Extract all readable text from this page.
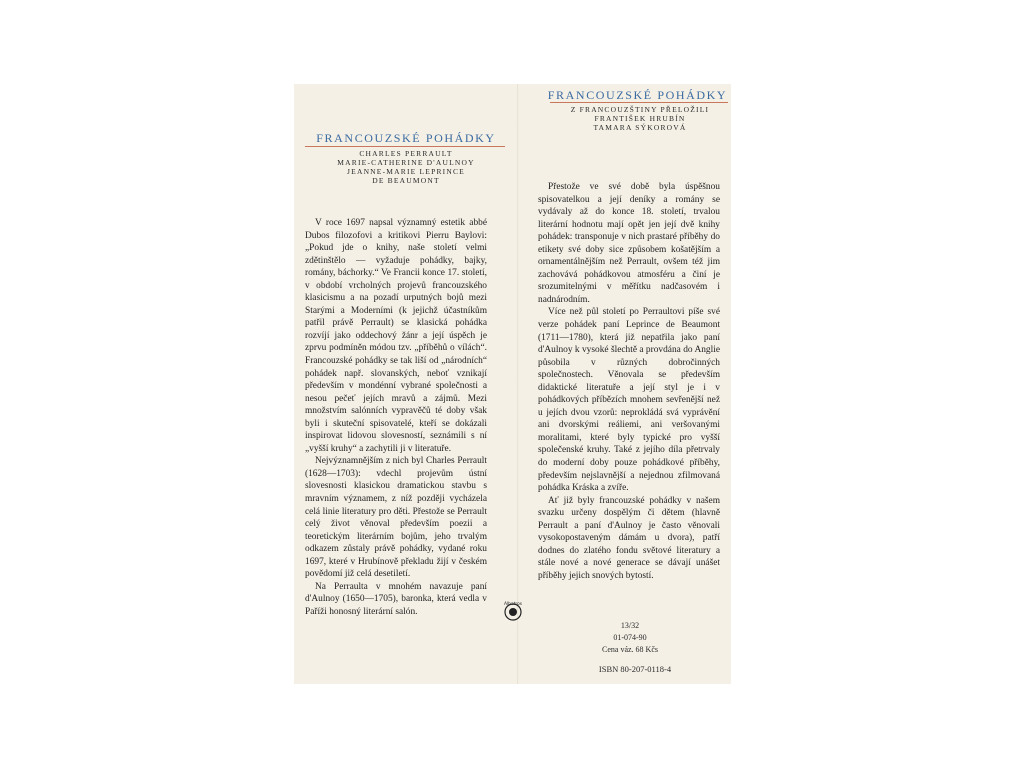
FRANCOUZSKÉ POHÁDKY
CHARLES PERRAULT
MARIE-CATHERINE D'AULNOY
JEANNE-MARIE LEPRINCE
DE BEAUMONT

V roce 1697 napsal významný estetik abbé Dubos filozofovi a kritikovi Pierru Baylovi: „Pokud jde o knihy, naše století velmi zdětinštělo — vyžaduje pohádky, bajky, romány, báchorky.“ Ve Francii konce 17. století, v období vrcholných projevů francouzského klasicismu a na pozadí urputných bojů mezi Starými a Moderními (k jejichž účastníkům patřil právě Perrault) se klasická pohádka rozvíjí jako oddechový žánr a její úspěch je zprvu podmíněn módou tzv. „příběhů o vílách“. Francouzské pohádky se tak liší od „národních“ pohádek např. slovanských, neboť vznikají především v mondénní vybrané společnosti a nesou pečeť jejích mravů a zájmů. Mezi množstvím salónních vypravěčů té doby však byli i skuteční spisovatelé, kteří se dokázali inspirovat lidovou slovesností, seznámili s ní „vyšší kruhy“ a zachytili ji v literatuře.

Nejvýznamnějším z nich byl Charles Perrault (1628—1703): vdechl projevům ústní slovesnosti klasickou dramatickou stavbu s mravním významem, z níž později vycházela celá linie literatury pro děti. Přestože se Perrault celý život věnoval především poezii a teoretickým literárním bojům, jeho trvalým odkazem zůstaly právě pohádky, vydané roku 1697, které v Hrubínově překladu žijí v českém povědomí již celá desetiletí.

Na Perraulta v mnohém navazuje paní d'Aulnoy (1650—1705), baronka, která vedla v Paříži honosný literární salón.

FRANCOUZSKÉ POHÁDKY
Z FRANCOUZŠTINY PŘELOŽILI
FRANTIŠEK HRUBÍN
TAMARA SÝKOROVÁ

Přestože ve své době byla úspěšnou spisovatelkou a její deníky a romány se vydávaly až do konce 18. století, trvalou literární hodnotu mají opět jen její dvě knihy pohádek: transponuje v nich prastaré příběhy do etikety své doby sice způsobem košatějším a ornamentálnějším než Perrault, ovšem též jim zachovává pohádkovou atmosféru a činí je srozumitelnými v měřítku nadčasovém i nadnárodním.

Více než půl století po Perraultovi píše své verze pohádek paní Leprince de Beaumont (1711—1780), která již nepatřila jako paní d'Aulnoy k vysoké šlechtě a provdána do Anglie působila v různých dobročinných společnostech. Věnovala se především didaktické literatuře a její styl je i v pohádkových příbězích mnohem sevřenější než u jejích dvou vzorů: neprokládá svá vyprávění ani dvorskými reáliemi, ani veršovanými moralitami, které byly typické pro vyšší společenské kruhy. Také z jejího díla přetrvaly do moderní doby pouze pohádkové příběhy, především nejslavnější a nejednou zfilmovaná pohádka Kráska a zvíře.

Ať již byly francouzské pohádky v našem svazku určeny dospělým či dětem (hlavně Perrault a paní d'Aulnoy je často věnovali vysokopostaveným dámám u dvora), patří dodnes do zlatého fondu světové literatury a stále nové a nové generace se dávají unášet příběhy jejich snových bytostí.

Albatros
13/32
01-074-90
Cena váz. 68 Kčs
ISBN 80-207-0118-4
